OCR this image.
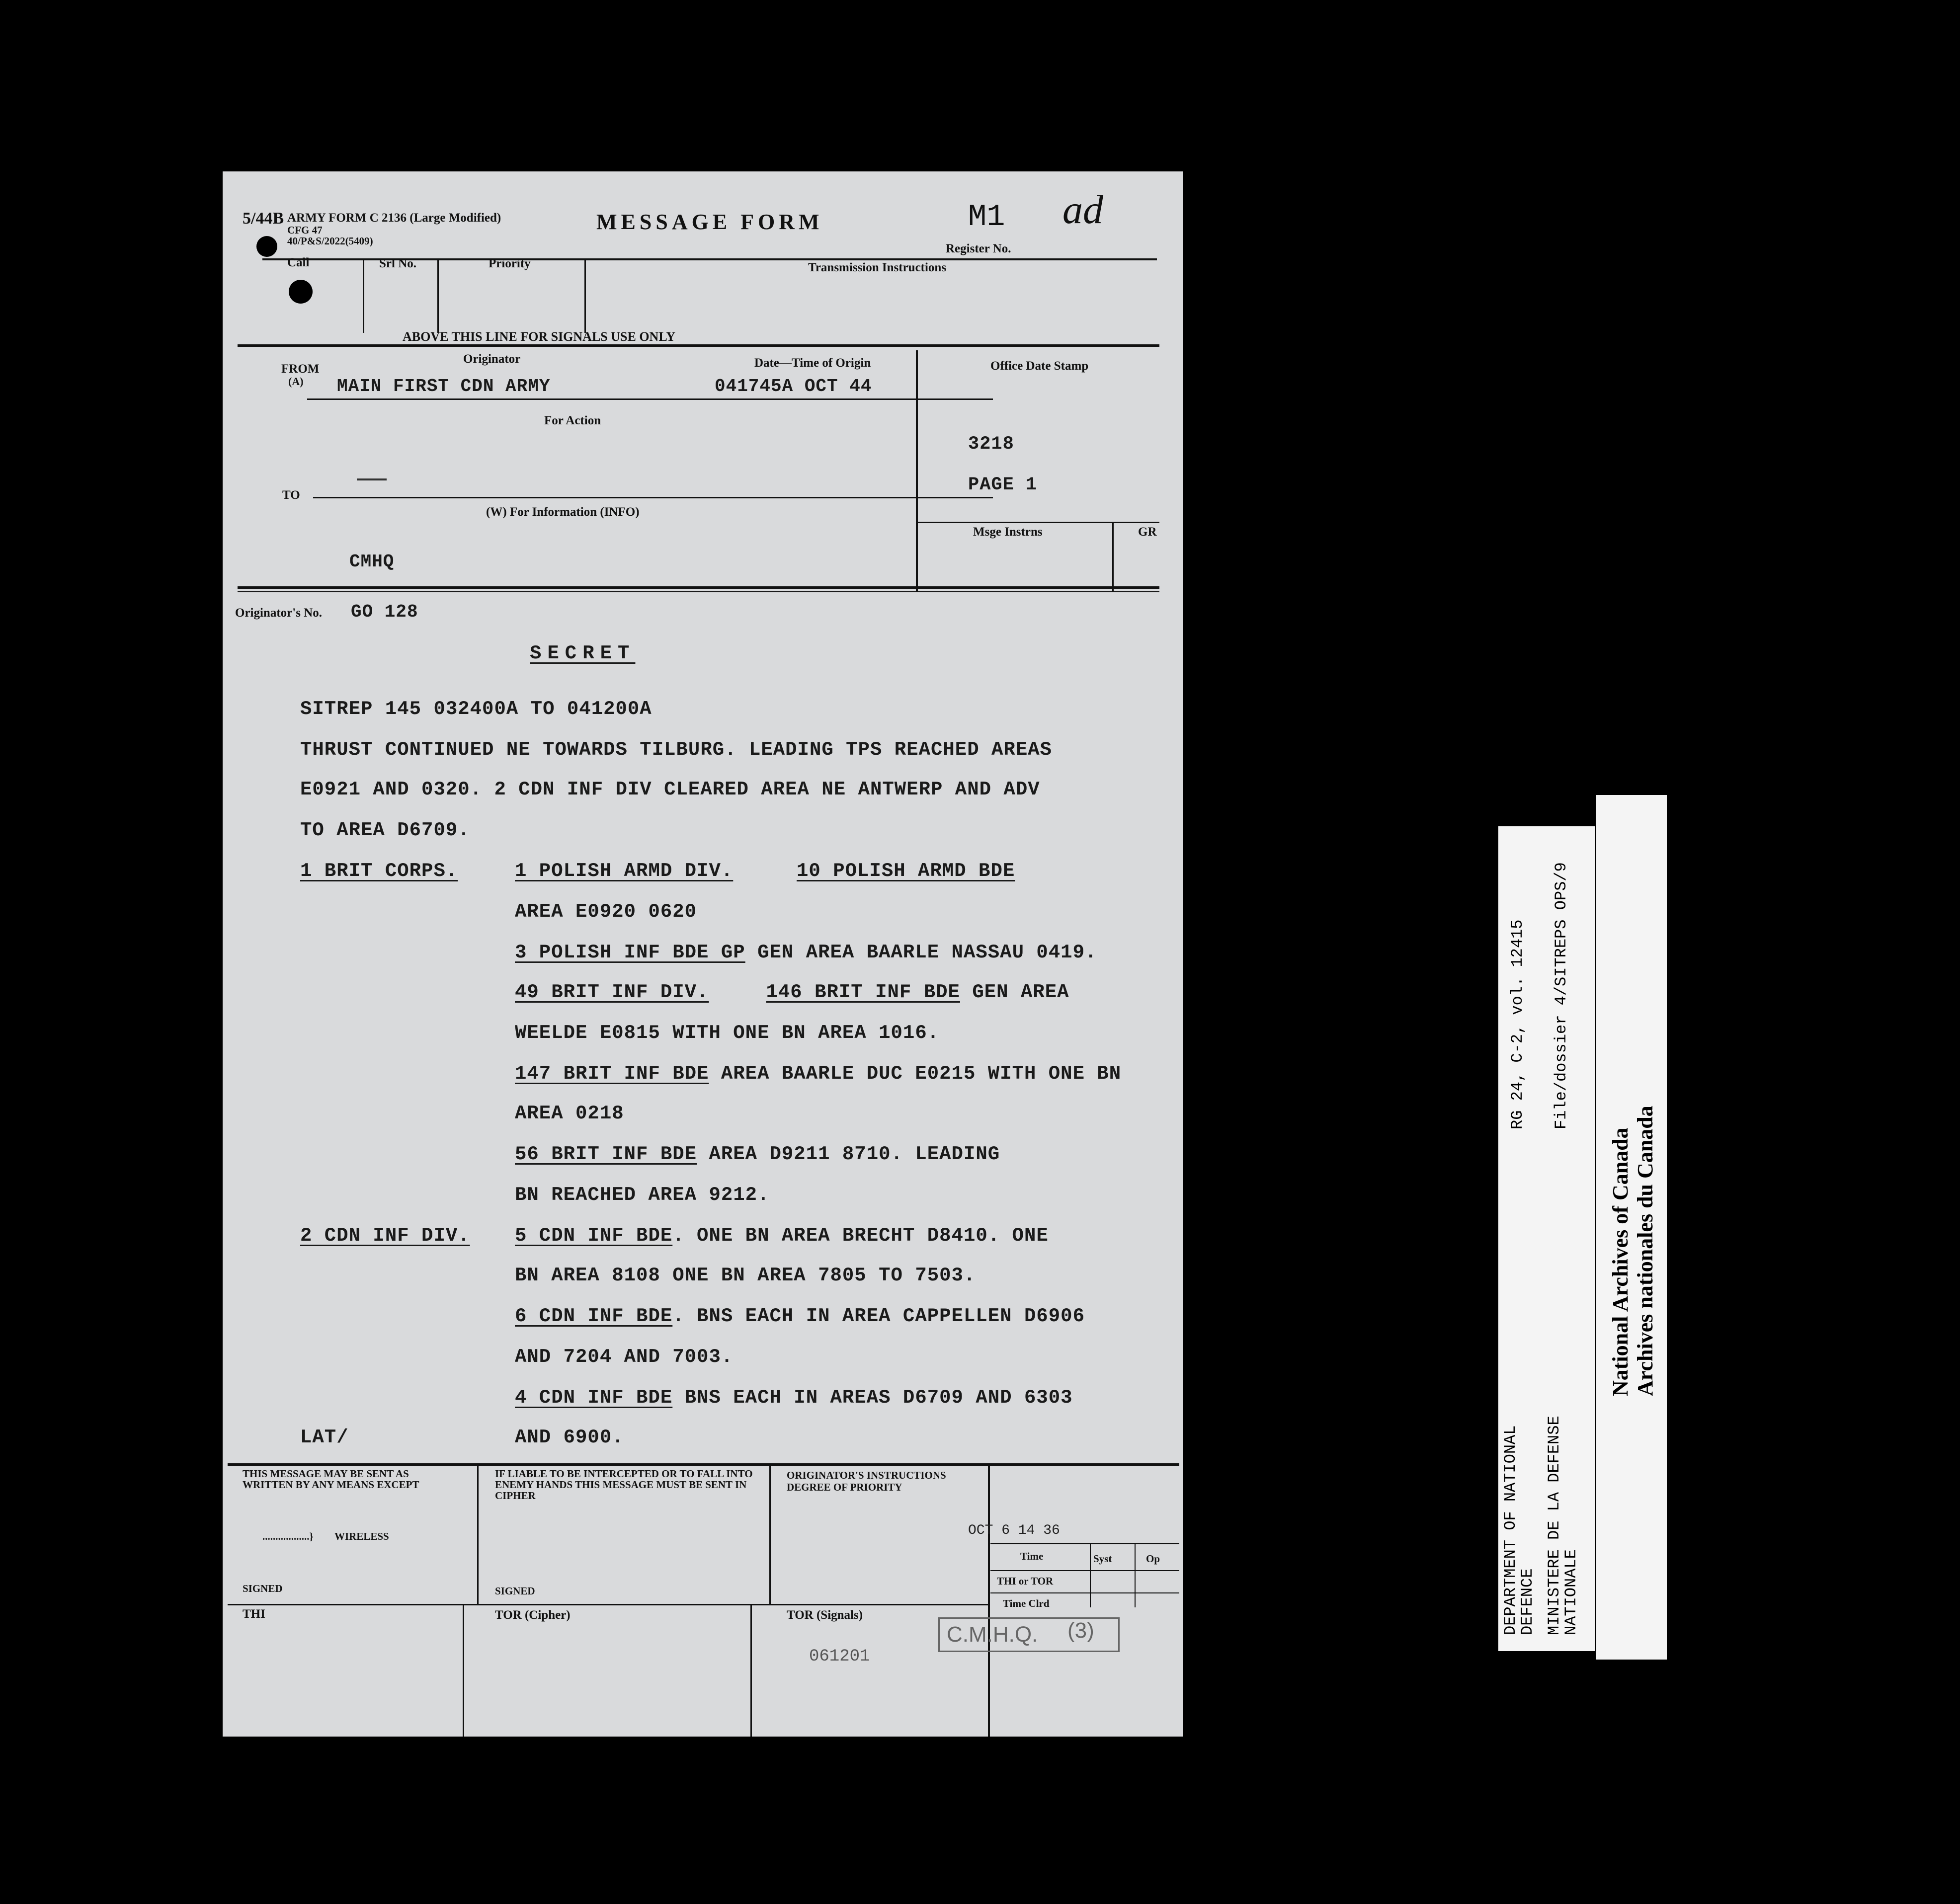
5/44B ARMY FORM C 2136 (Large Modified)
CFG 47
40/P&S/2022(5409)
MESSAGE FORM	M1 ad
Register No.
Call	Srl No.	Priority	Transmission Instructions
ABOVE THIS LINE FOR SIGNALS USE ONLY
Originator	Date—Time of Origin
FROM
(A) MAIN FIRST CDN ARMY	041745A OCT 44
For Action
TO
(W) For Information (INFO)
CMHQ
Office Date Stamp
3218
PAGE 1
Msge Instrns	GR
Originator's No. GO 128
SECRET
SITREP 145 032400A TO 041200A
THRUST CONTINUED NE TOWARDS TILBURG. LEADING TPS REACHED AREAS
E0921 AND 0320. 2 CDN INF DIV CLEARED AREA NE ANTWERP AND ADV
TO AREA D6709.
1 BRIT CORPS.	1 POLISH ARMD DIV.	10 POLISH ARMD BDE
AREA E0920 0620
3 POLISH INF BDE GP GEN AREA BAARLE NASSAU 0419.
49 BRIT INF DIV.	146 BRIT INF BDE GEN AREA
WEELDE E0815 WITH ONE BN AREA 1016.
147 BRIT INF BDE AREA BAARLE DUC E0215 WITH ONE BN
AREA 0218
56 BRIT INF BDE AREA D9211 8710. LEADING
BN REACHED AREA 9212.
2 CDN INF DIV. 5 CDN INF BDE. ONE BN AREA BRECHT D8410. ONE
BN AREA 8108 ONE BN AREA 7805 TO 7503.
6 CDN INF BDE. BNS EACH IN AREA CAPPELLEN D6906
AND 7204 AND 7003.
4 CDN INF BDE BNS EACH IN AREAS D6709 AND 6303
LAT/	AND 6900.
THIS MESSAGE MAY BE SENT AS WRITTEN BY ANY MEANS EXCEPT
..................} WIRELESS
SIGNED
IF LIABLE TO BE INTERCEPTED OR TO FALL INTO ENEMY HANDS THIS MESSAGE MUST BE SENT IN CIPHER
SIGNED
ORIGINATOR'S INSTRUCTIONS DEGREE OF PRIORITY
OCT 6 14 36
Time	Syst	Op
THI or TOR
Time Clrd
THI	TOR (Cipher)	TOR (Signals)
061201
C.M.H.Q.	(3)	DEPARTMENT OF NATIONAL
DEFENCE
RG 24, C-2, vol. 12415
MINISTERE DE LA DEFENSE
NATIONALE
File/dossier 4/SITREPS OPS/9
National Archives of Canada Archives nationales du Canada
